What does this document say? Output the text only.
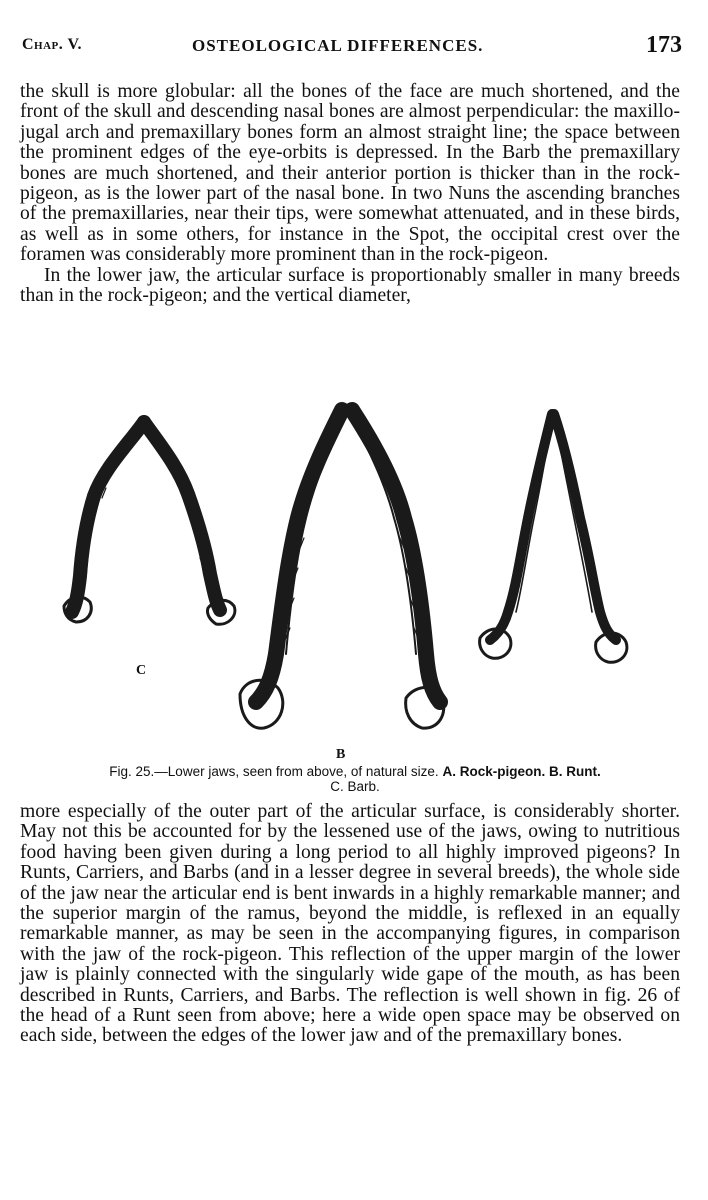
Chap. V.	OSTEOLOGICAL DIFFERENCES.	173

the skull is more globular: all the bones of the face are much shortened, and the front of the skull and descending nasal bones are almost perpendicular: the maxillo-jugal arch and premaxillary bones form an almost straight line; the space between the prominent edges of the eye-orbits is depressed. In the Barb the premaxillary bones are much shortened, and their anterior portion is thicker than in the rock-pigeon, as is the lower part of the nasal bone. In two Nuns the ascending branches of the premaxillaries, near their tips, were somewhat attenuated, and in these birds, as well as in some others, for instance in the Spot, the occipital crest over the foramen was considerably more prominent than in the rock-pigeon.

In the lower jaw, the articular surface is proportionably smaller in many breeds than in the rock-pigeon; and the vertical diameter,

C
B
Fig. 25.—Lower jaws, seen from above, of natural size. A. Rock-pigeon. B. Runt.
C. Barb.

more especially of the outer part of the articular surface, is considerably shorter. May not this be accounted for by the lessened use of the jaws, owing to nutritious food having been given during a long period to all highly improved pigeons? In Runts, Carriers, and Barbs (and in a lesser degree in several breeds), the whole side of the jaw near the articular end is bent inwards in a highly remarkable manner; and the superior margin of the ramus, beyond the middle, is reflexed in an equally remarkable manner, as may be seen in the accompanying figures, in comparison with the jaw of the rock-pigeon. This reflection of the upper margin of the lower jaw is plainly connected with the singularly wide gape of the mouth, as has been described in Runts, Carriers, and Barbs. The reflection is well shown in fig. 26 of the head of a Runt seen from above; here a wide open space may be observed on each side, between the edges of the lower jaw and of the premaxillary bones.
